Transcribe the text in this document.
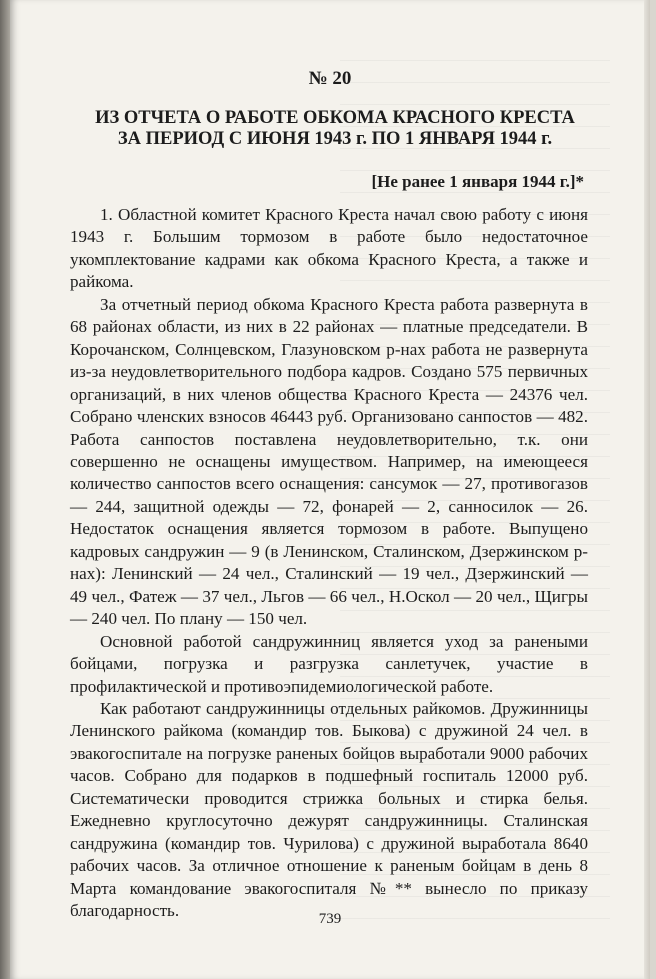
№ 20
ИЗ ОТЧЕТА О РАБОТЕ ОБКОМА КРАСНОГО КРЕСТА
ЗА ПЕРИОД С ИЮНЯ 1943 г. ПО 1 ЯНВАРЯ 1944 г.
[Не ранее 1 января 1944 г.]*

1. Областной комитет Красного Креста начал свою работу с июня 1943 г. Большим тормозом в работе было недостаточное укомплектование кадрами как обкома Красного Креста, а также и райкома.

За отчетный период обкома Красного Креста работа развернута в 68 районах области, из них в 22 районах — платные председатели. В Корочанском, Солнцевском, Глазуновском р-нах работа не развернута из-за неудовлетворительного подбора кадров. Создано 575 первичных организаций, в них членов общества Красного Креста — 24376 чел. Собрано членских взносов 46443 руб. Организовано санпостов — 482. Работа санпостов поставлена неудовлетворительно, т.к. они совершенно не оснащены имуществом. Например, на имеющееся количество санпостов всего оснащения: сансумок — 27, противогазов — 244, защитной одежды — 72, фонарей — 2, санносилок — 26. Недостаток оснащения является тормозом в работе. Выпущено кадровых сандружин — 9 (в Ленинском, Сталинском, Дзержинском р-нах): Ленинский — 24 чел., Сталинский — 19 чел., Дзержинский — 49 чел., Фатеж — 37 чел., Льгов — 66 чел., Н.Оскол — 20 чел., Щигры — 240 чел. По плану — 150 чел.

Основной работой сандружинниц является уход за ранеными бойцами, погрузка и разгрузка санлетучек, участие в профилактической и противоэпидемиологической работе.

Как работают сандружинницы отдельных райкомов. Дружинницы Ленинского райкома (командир тов. Быкова) с дружиной 24 чел. в эвакогоспитале на погрузке раненых бойцов выработали 9000 рабочих часов. Собрано для подарков в подшефный госпиталь 12000 руб. Систематически проводится стрижка больных и стирка белья. Ежедневно круглосуточно дежурят сандружинницы. Сталинская сандружина (командир тов. Чурилова) с дружиной выработала 8640 рабочих часов. За отличное отношение к раненым бойцам в день 8 Марта командование эвакогоспиталя №** вынесло по приказу благодарность.	739
